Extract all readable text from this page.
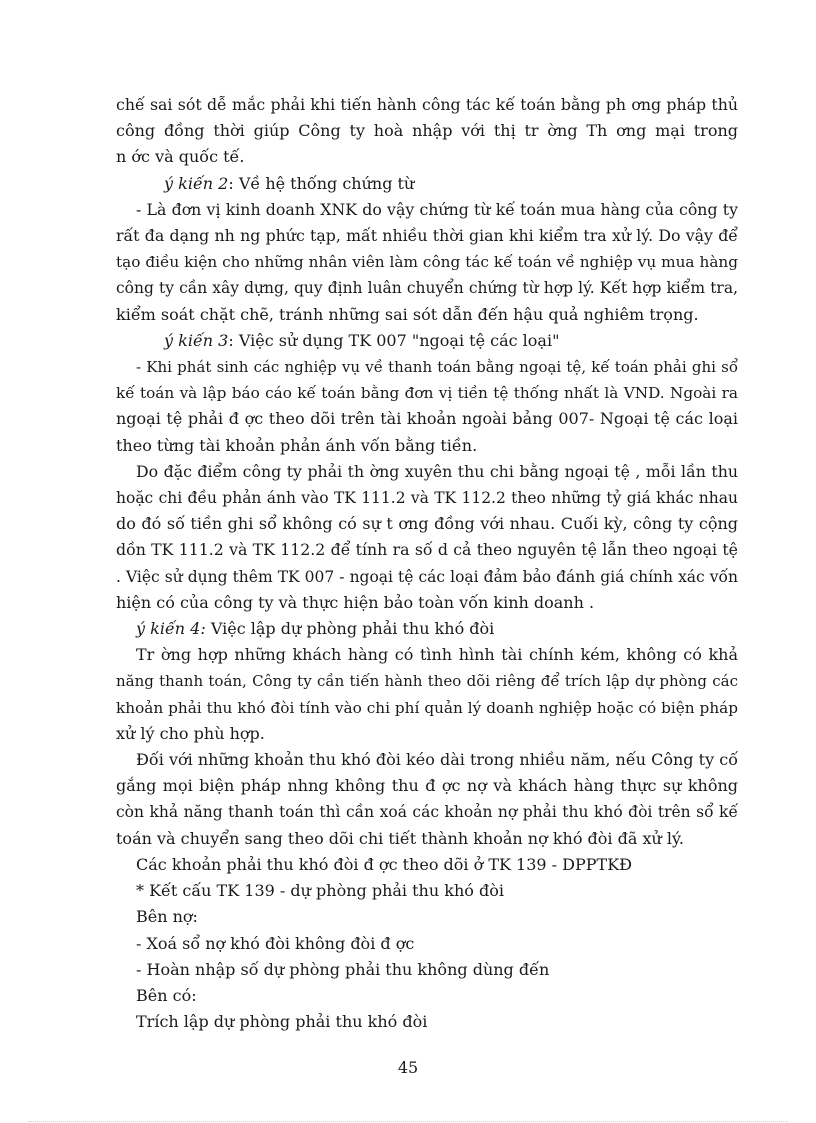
chế sai sót dễ mắc phải khi tiến hành công tác kế toán bằng ph ơng pháp thủ
công đồng thời giúp Công ty hoà nhập với thị tr ờng Th ơng mại trong
n ớc và quốc tế.

ý kiến 2: Về hệ thống chứng từ

- Là đơn vị kinh doanh XNK do vậy chứng từ kế toán mua hàng của công ty
rất đa dạng nh ng phức tạp, mất nhiều thời gian khi kiểm tra xử lý. Do vậy để
tạo điều kiện cho những nhân viên làm công tác kế toán về nghiệp vụ mua hàng
công ty cần xây dựng, quy định luân chuyển chứng từ hợp lý. Kết hợp kiểm tra,
kiểm soát chặt chẽ, tránh những sai sót dẫn đến hậu quả nghiêm trọng.

ý kiến 3: Việc sử dụng TK 007 "ngoại tệ các loại"

- Khi phát sinh các nghiệp vụ về thanh toán bằng ngoại tệ, kế toán phải ghi sổ
kế toán và lập báo cáo kế toán bằng đơn vị tiền tệ thống nhất là VND. Ngoài ra
ngoại tệ phải đ ợc theo dõi trên tài khoản ngoài bảng 007- Ngoại tệ các loại
theo từng tài khoản phản ánh vốn bằng tiền.

Do đặc điểm công ty phải th ờng xuyên thu chi bằng ngoại tệ , mỗi lần thu
hoặc chi đều phản ánh vào TK 111.2 và TK 112.2 theo những tỷ giá khác nhau
do đó số tiền ghi sổ không có sự t ơng đồng với nhau. Cuối kỳ, công ty cộng
dồn TK 111.2 và TK 112.2 để tính ra số d cả theo nguyên tệ lẫn theo ngoại tệ
. Việc sử dụng thêm TK 007 - ngoại tệ các loại đảm bảo đánh giá chính xác vốn
hiện có của công ty và thực hiện bảo toàn vốn kinh doanh .

ý kiến 4: Việc lập dự phòng phải thu khó đòi

Tr ờng hợp những khách hàng có tình hình tài chính kém, không có khả
năng thanh toán, Công ty cần tiến hành theo dõi riêng để trích lập dự phòng các
khoản phải thu khó đòi tính vào chi phí quản lý doanh nghiệp hoặc có biện pháp
xử lý cho phù hợp.

Đối với những khoản thu khó đòi kéo dài trong nhiều năm, nếu Công ty cố
gắng mọi biện pháp nhng không thu đ ợc nợ và khách hàng thực sự không
còn khả năng thanh toán thì cần xoá các khoản nợ phải thu khó đòi trên sổ kế
toán và chuyển sang theo dõi chi tiết thành khoản nợ khó đòi đã xử lý.

Các khoản phải thu khó đòi đ ợc theo dõi ở TK 139 - DPPTKĐ
* Kết cấu TK 139 - dự phòng phải thu khó đòi
Bên nợ:
- Xoá sổ nợ khó đòi không đòi đ ợc
- Hoàn nhập số dự phòng phải thu không dùng đến
Bên có:
Trích lập dự phòng phải thu khó đòi

45
